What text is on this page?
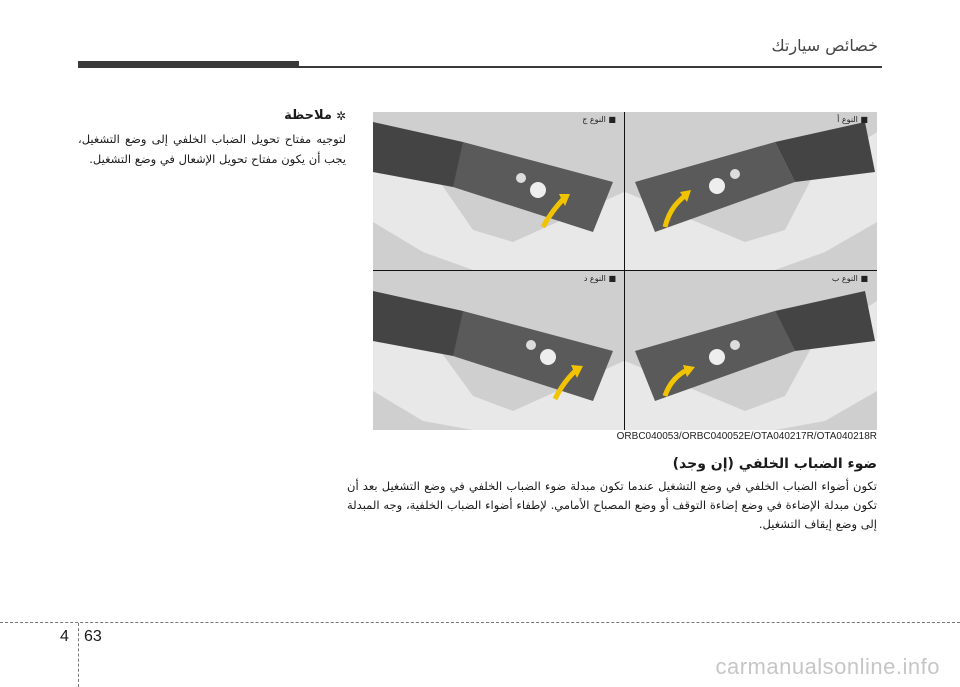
خصائص سيارتك
✲
ملاحظة
لتوجيه مفتاح تحويل الضباب الخلفي إلى وضع التشغيل، يجب أن يكون مفتاح تحويل الإشعال في وضع التشغيل.
■ النوع أ
■ النوع ج
■ النوع ب
■ النوع د
ORBC040053/ORBC040052E/OTA040217R/OTA040218R
ضوء الضباب الخلفي (إن وجد)
تكون أضواء الضباب الخلفي في وضع التشغيل عندما تكون مبدلة ضوء الضباب الخلفي في وضع التشغيل بعد أن تكون مبدلة الإضاءة في وضع إضاءة التوقف أو وضع المصباح الأمامي. لإطفاء أضواء الضباب الخلفية، وجه المبدلة إلى وضع إيقاف التشغيل.
4 63
carmanualsonline.info
